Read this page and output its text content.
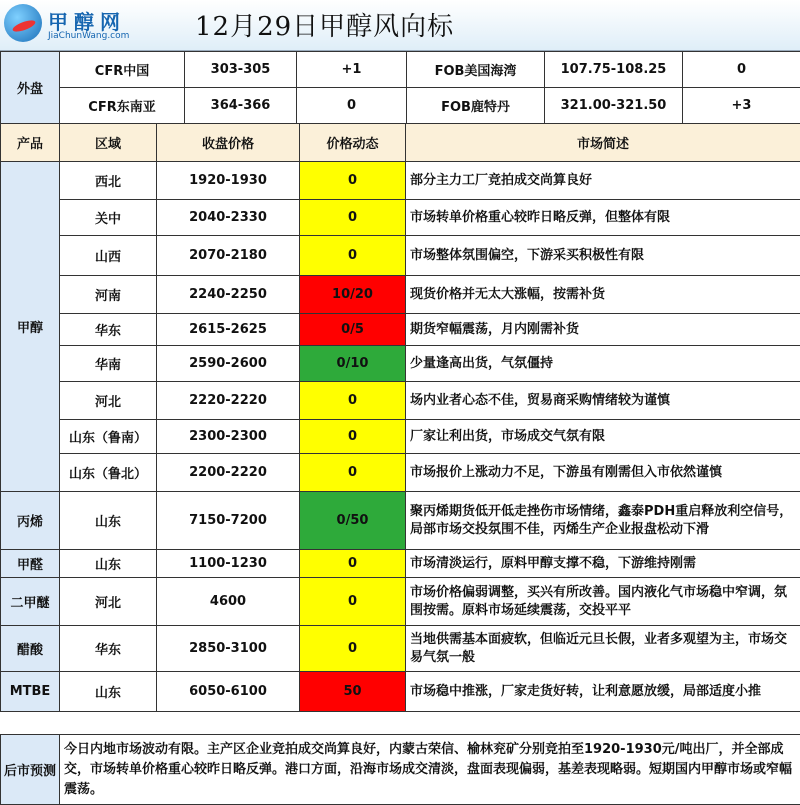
甲醇网
JiaChunWang.com	12月29日甲醇风向标
外盘	CFR中国	303-305	+1	FOB美国海湾	107.75-108.25	0
	CFR东南亚	364-366	0	FOB鹿特丹	321.00-321.50	+3
产品	区域	收盘价格	价格动态	市场简述
甲醇	西北	1920-1930	0	部分主力工厂竞拍成交尚算良好
	关中	2040-2330	0	市场转单价格重心较昨日略反弹，但整体有限
	山西	2070-2180	0	市场整体氛围偏空，下游采买积极性有限
	河南	2240-2250	10/20	现货价格并无太大涨幅，按需补货
	华东	2615-2625	0/5	期货窄幅震荡，月内刚需补货
	华南	2590-2600	0/10	少量逢高出货，气氛僵持
	河北	2220-2220	0	场内业者心态不佳，贸易商采购情绪较为谨慎
	山东（鲁南）	2300-2300	0	厂家让利出货，市场成交气氛有限
	山东（鲁北）	2200-2220	0	市场报价上涨动力不足，下游虽有刚需但入市依然谨慎
丙烯	山东	7150-7200	0/50	聚丙烯期货低开低走挫伤市场情绪，鑫泰PDH重启释放利空信号，局部市场交投氛围不佳，丙烯生产企业报盘松动下滑
甲醛	山东	1100-1230	0	市场清淡运行，原料甲醇支撑不稳，下游维持刚需
二甲醚	河北	4600	0	市场价格偏弱调整，买兴有所改善。国内液化气市场稳中窄调，氛围按需。原料市场延续震荡，交投平平
醋酸	华东	2850-3100	0	当地供需基本面疲软，但临近元旦长假，业者多观望为主，市场交易气氛一般
MTBE	山东	6050-6100	50	市场稳中推涨，厂家走货好转，让利意愿放缓，局部适度小推
后市预测	今日内地市场波动有限。主产区企业竞拍成交尚算良好，内蒙古荣信、榆林兖矿分别竞拍至1920-1930元/吨出厂，并全部成交，市场转单价格重心较昨日略反弹。港口方面，沿海市场成交清淡，盘面表现偏弱，基差表现略弱。短期国内甲醇市场或窄幅震荡。
